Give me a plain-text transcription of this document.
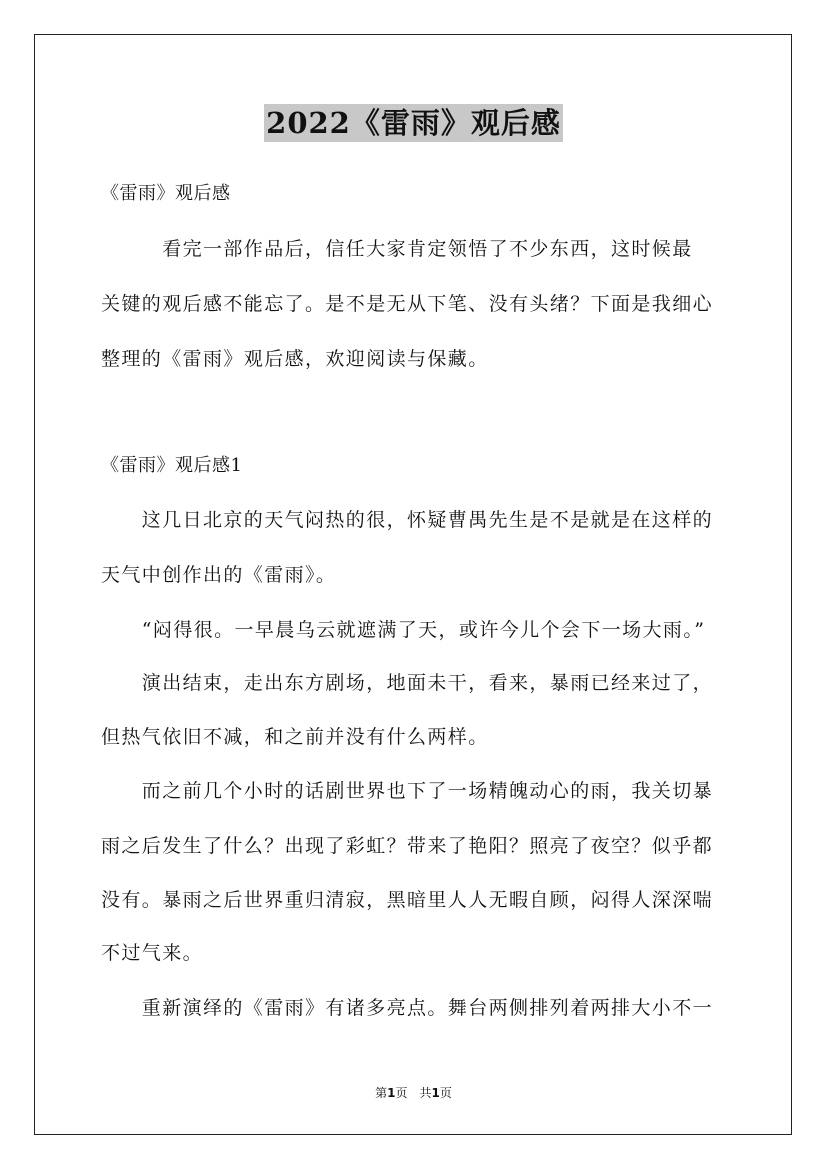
2022《雷雨》观后感
《雷雨》观后感
　　　看完一部作品后，信任大家肯定领悟了不少东西，这时候最
关键的观后感不能忘了。是不是无从下笔、没有头绪？下面是我细心
整理的《雷雨》观后感，欢迎阅读与保藏。
《雷雨》观后感1
　　这几日北京的天气闷热的很，怀疑曹禺先生是不是就是在这样的
天气中创作出的《雷雨》。
　　“闷得很。一早晨乌云就遮满了天，或许今儿个会下一场大雨。”
　　演出结束，走出东方剧场，地面未干，看来，暴雨已经来过了，
但热气依旧不减，和之前并没有什么两样。
　　而之前几个小时的话剧世界也下了一场精魄动心的雨，我关切暴
雨之后发生了什么？出现了彩虹？带来了艳阳？照亮了夜空？似乎都
没有。暴雨之后世界重归清寂，黑暗里人人无暇自顾，闷得人深深喘
不过气来。
　　重新演绎的《雷雨》有诸多亮点。舞台两侧排列着两排大小不一
第1页　共1页
